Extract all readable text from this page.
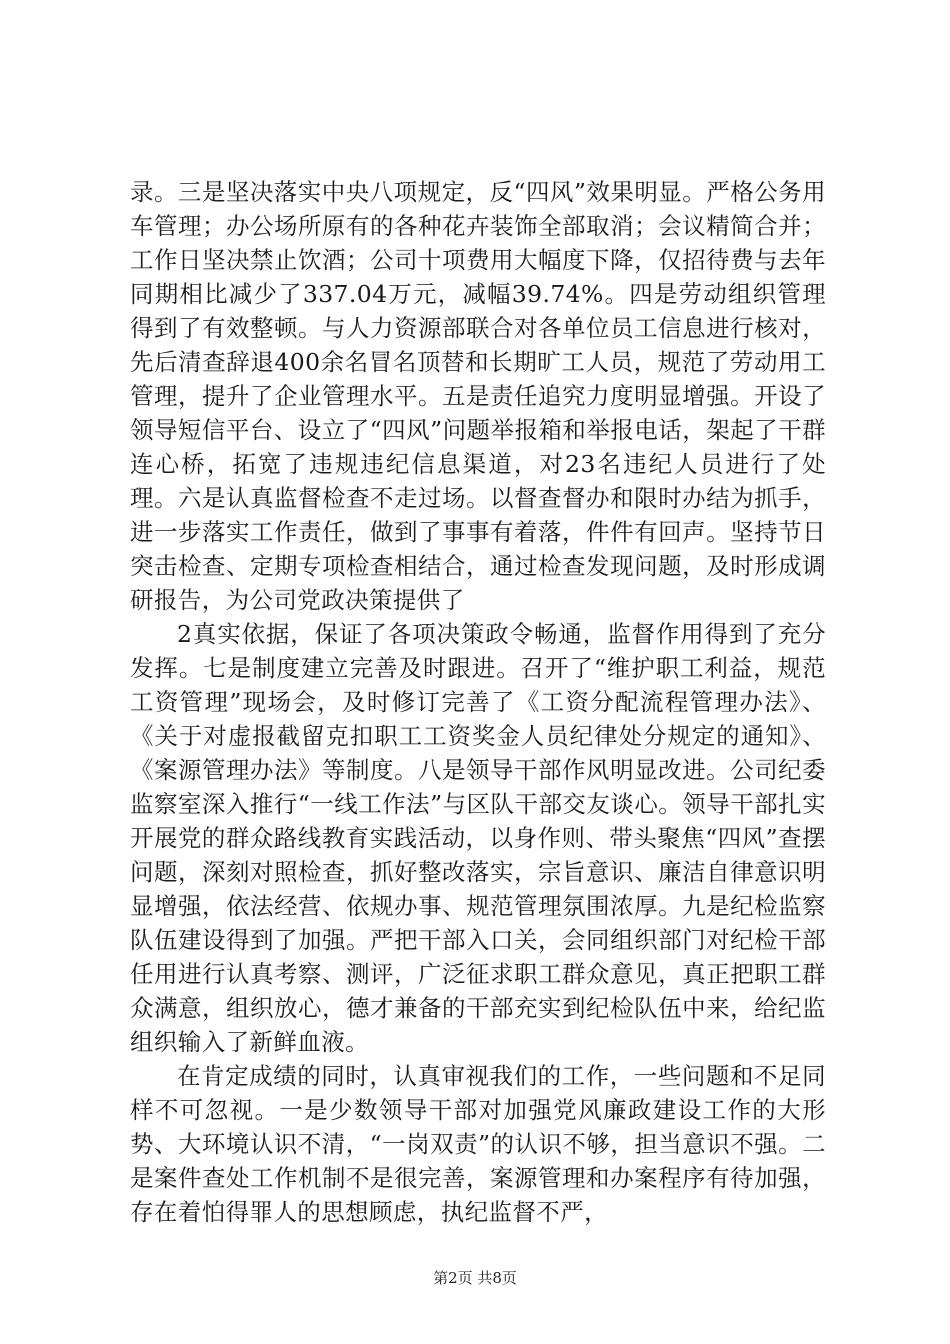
录。三是坚决落实中央八项规定，反“四风”效果明显。严格公务用车管理；办公场所原有的各种花卉装饰全部取消；会议精简合并；工作日坚决禁止饮酒；公司十项费用大幅度下降，仅招待费与去年同期相比减少了337.04万元，减幅39.74%。四是劳动组织管理得到了有效整顿。与人力资源部联合对各单位员工信息进行核对，先后清查辞退400余名冒名顶替和长期旷工人员，规范了劳动用工管理，提升了企业管理水平。五是责任追究力度明显增强。开设了领导短信平台、设立了“四风”问题举报箱和举报电话，架起了干群连心桥，拓宽了违规违纪信息渠道，对23名违纪人员进行了处理。六是认真监督检查不走过场。以督查督办和限时办结为抓手，进一步落实工作责任，做到了事事有着落，件件有回声。坚持节日突击检查、定期专项检查相结合，通过检查发现问题，及时形成调研报告，为公司党政决策提供了

2真实依据，保证了各项决策政令畅通，监督作用得到了充分发挥。七是制度建立完善及时跟进。召开了“维护职工利益，规范工资管理”现场会，及时修订完善了《工资分配流程管理办法》、《关于对虚报截留克扣职工工资奖金人员纪律处分规定的通知》、《案源管理办法》等制度。八是领导干部作风明显改进。公司纪委监察室深入推行“一线工作法”与区队干部交友谈心。领导干部扎实开展党的群众路线教育实践活动，以身作则、带头聚焦“四风”查摆问题，深刻对照检查，抓好整改落实，宗旨意识、廉洁自律意识明显增强，依法经营、依规办事、规范管理氛围浓厚。九是纪检监察队伍建设得到了加强。严把干部入口关，会同组织部门对纪检干部任用进行认真考察、测评，广泛征求职工群众意见，真正把职工群众满意，组织放心，德才兼备的干部充实到纪检队伍中来，给纪监组织输入了新鲜血液。

在肯定成绩的同时，认真审视我们的工作，一些问题和不足同样不可忽视。一是少数领导干部对加强党风廉政建设工作的大形势、大环境认识不清，“一岗双责”的认识不够，担当意识不强。二是案件查处工作机制不是很完善，案源管理和办案程序有待加强，存在着怕得罪人的思想顾虑，执纪监督不严，

第2页 共8页
